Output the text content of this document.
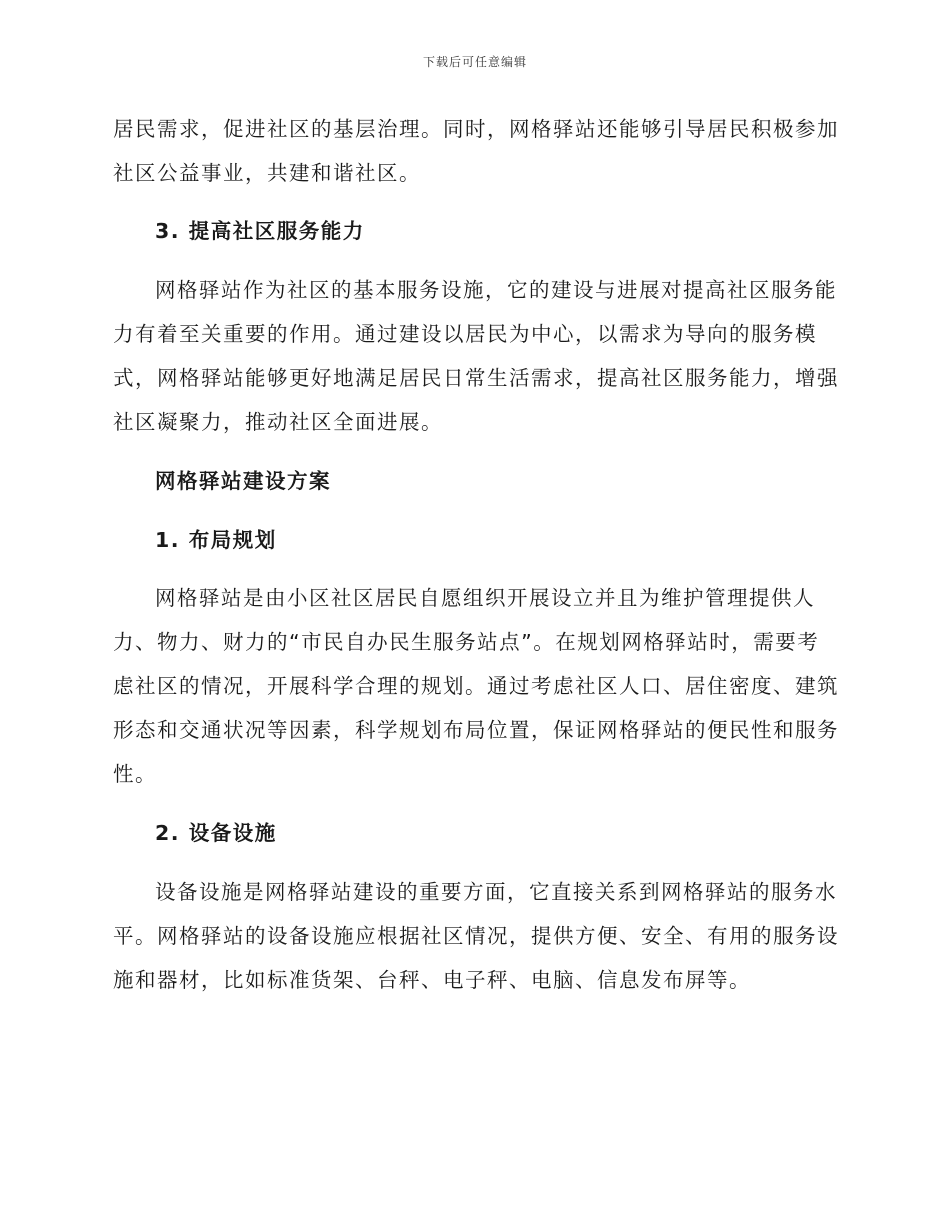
下载后可任意编辑
居民需求，促进社区的基层治理。同时，网格驿站还能够引导居民积极参加
社区公益事业，共建和谐社区。
3. 提高社区服务能力
网格驿站作为社区的基本服务设施，它的建设与进展对提高社区服务能
力有着至关重要的作用。通过建设以居民为中心，以需求为导向的服务模
式，网格驿站能够更好地满足居民日常生活需求，提高社区服务能力，增强
社区凝聚力，推动社区全面进展。
网格驿站建设方案
1. 布局规划
网格驿站是由小区社区居民自愿组织开展设立并且为维护管理提供人
力、物力、财力的“市民自办民生服务站点”。在规划网格驿站时，需要考
虑社区的情况，开展科学合理的规划。通过考虑社区人口、居住密度、建筑
形态和交通状况等因素，科学规划布局位置，保证网格驿站的便民性和服务
性。
2. 设备设施
设备设施是网格驿站建设的重要方面，它直接关系到网格驿站的服务水
平。网格驿站的设备设施应根据社区情况，提供方便、安全、有用的服务设
施和器材，比如标准货架、台秤、电子秤、电脑、信息发布屏等。
